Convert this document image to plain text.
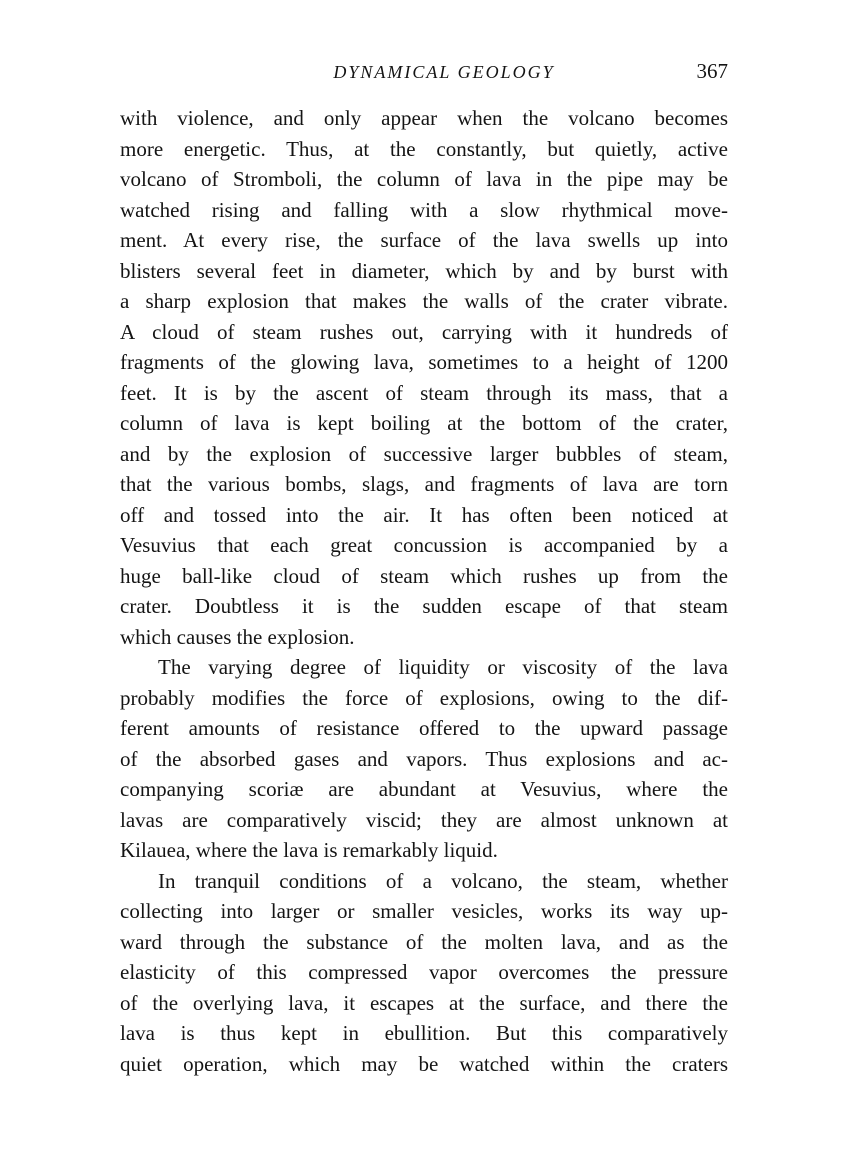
DYNAMICAL GEOLOGY	367
with violence, and only appear when the volcano becomes
more energetic. Thus, at the constantly, but quietly, active
volcano of Stromboli, the column of lava in the pipe may be
watched rising and falling with a slow rhythmical move-
ment. At every rise, the surface of the lava swells up into
blisters several feet in diameter, which by and by burst with
a sharp explosion that makes the walls of the crater vibrate.
A cloud of steam rushes out, carrying with it hundreds of
fragments of the glowing lava, sometimes to a height of 1200
feet. It is by the ascent of steam through its mass, that a
column of lava is kept boiling at the bottom of the crater,
and by the explosion of successive larger bubbles of steam,
that the various bombs, slags, and fragments of lava are torn
off and tossed into the air. It has often been noticed at
Vesuvius that each great concussion is accompanied by a
huge ball-like cloud of steam which rushes up from the
crater. Doubtless it is the sudden escape of that steam
which causes the explosion.
The varying degree of liquidity or viscosity of the lava
probably modifies the force of explosions, owing to the dif-
ferent amounts of resistance offered to the upward passage
of the absorbed gases and vapors. Thus explosions and ac-
companying scoriæ are abundant at Vesuvius, where the
lavas are comparatively viscid; they are almost unknown at
Kilauea, where the lava is remarkably liquid.
In tranquil conditions of a volcano, the steam, whether
collecting into larger or smaller vesicles, works its way up-
ward through the substance of the molten lava, and as the
elasticity of this compressed vapor overcomes the pressure
of the overlying lava, it escapes at the surface, and there the
lava is thus kept in ebullition. But this comparatively
quiet operation, which may be watched within the craters
